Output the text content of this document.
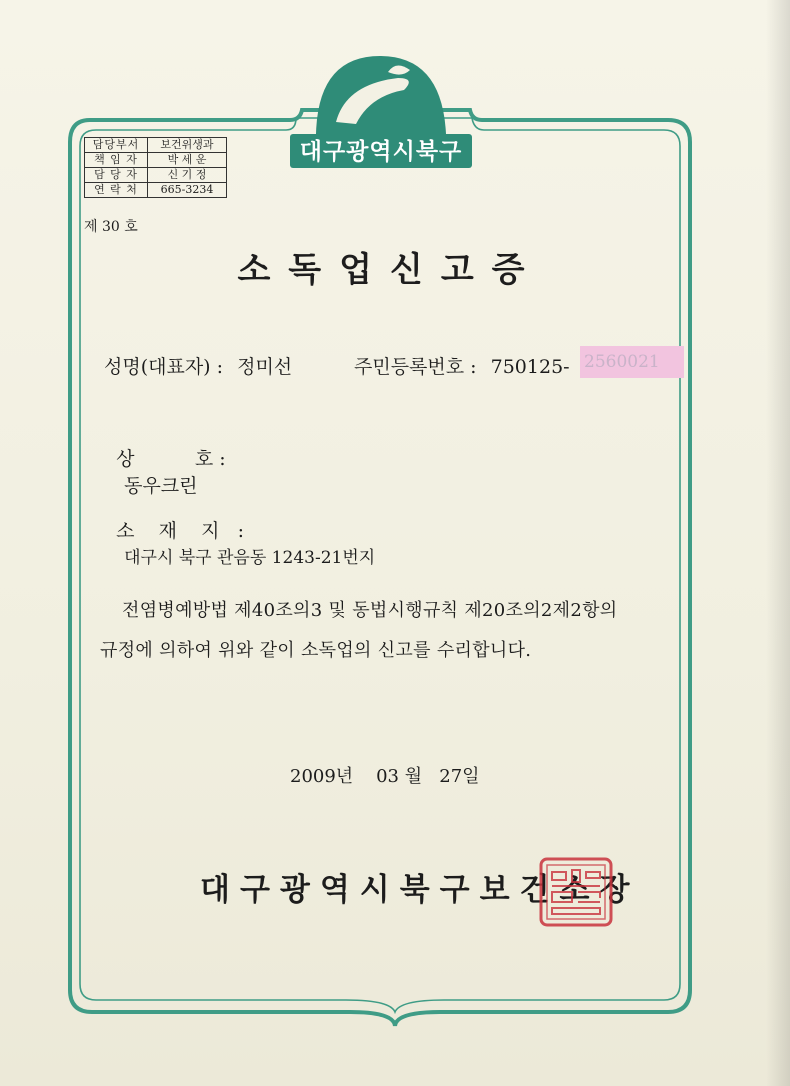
대구광역시북구
담당부서	보건위생과
책 임 자	박 세 운
담 당 자	신 기 정
연 락 처	665-3234
제 30 호
소독업신고증
성명(대표자) : 정미선	주민등록번호 : 750125- 2560021

상          호 :
동우크린

소    재    지   :
대구시 북구 관음동 1243-21번지

전염병예방법 제40조의3 및 동법시행규칙 제20조의2제2항의
규정에 의하여 위와 같이 소독업의 신고를 수리합니다.
2009년    03 월   27일
대구광역시북구보건소장
